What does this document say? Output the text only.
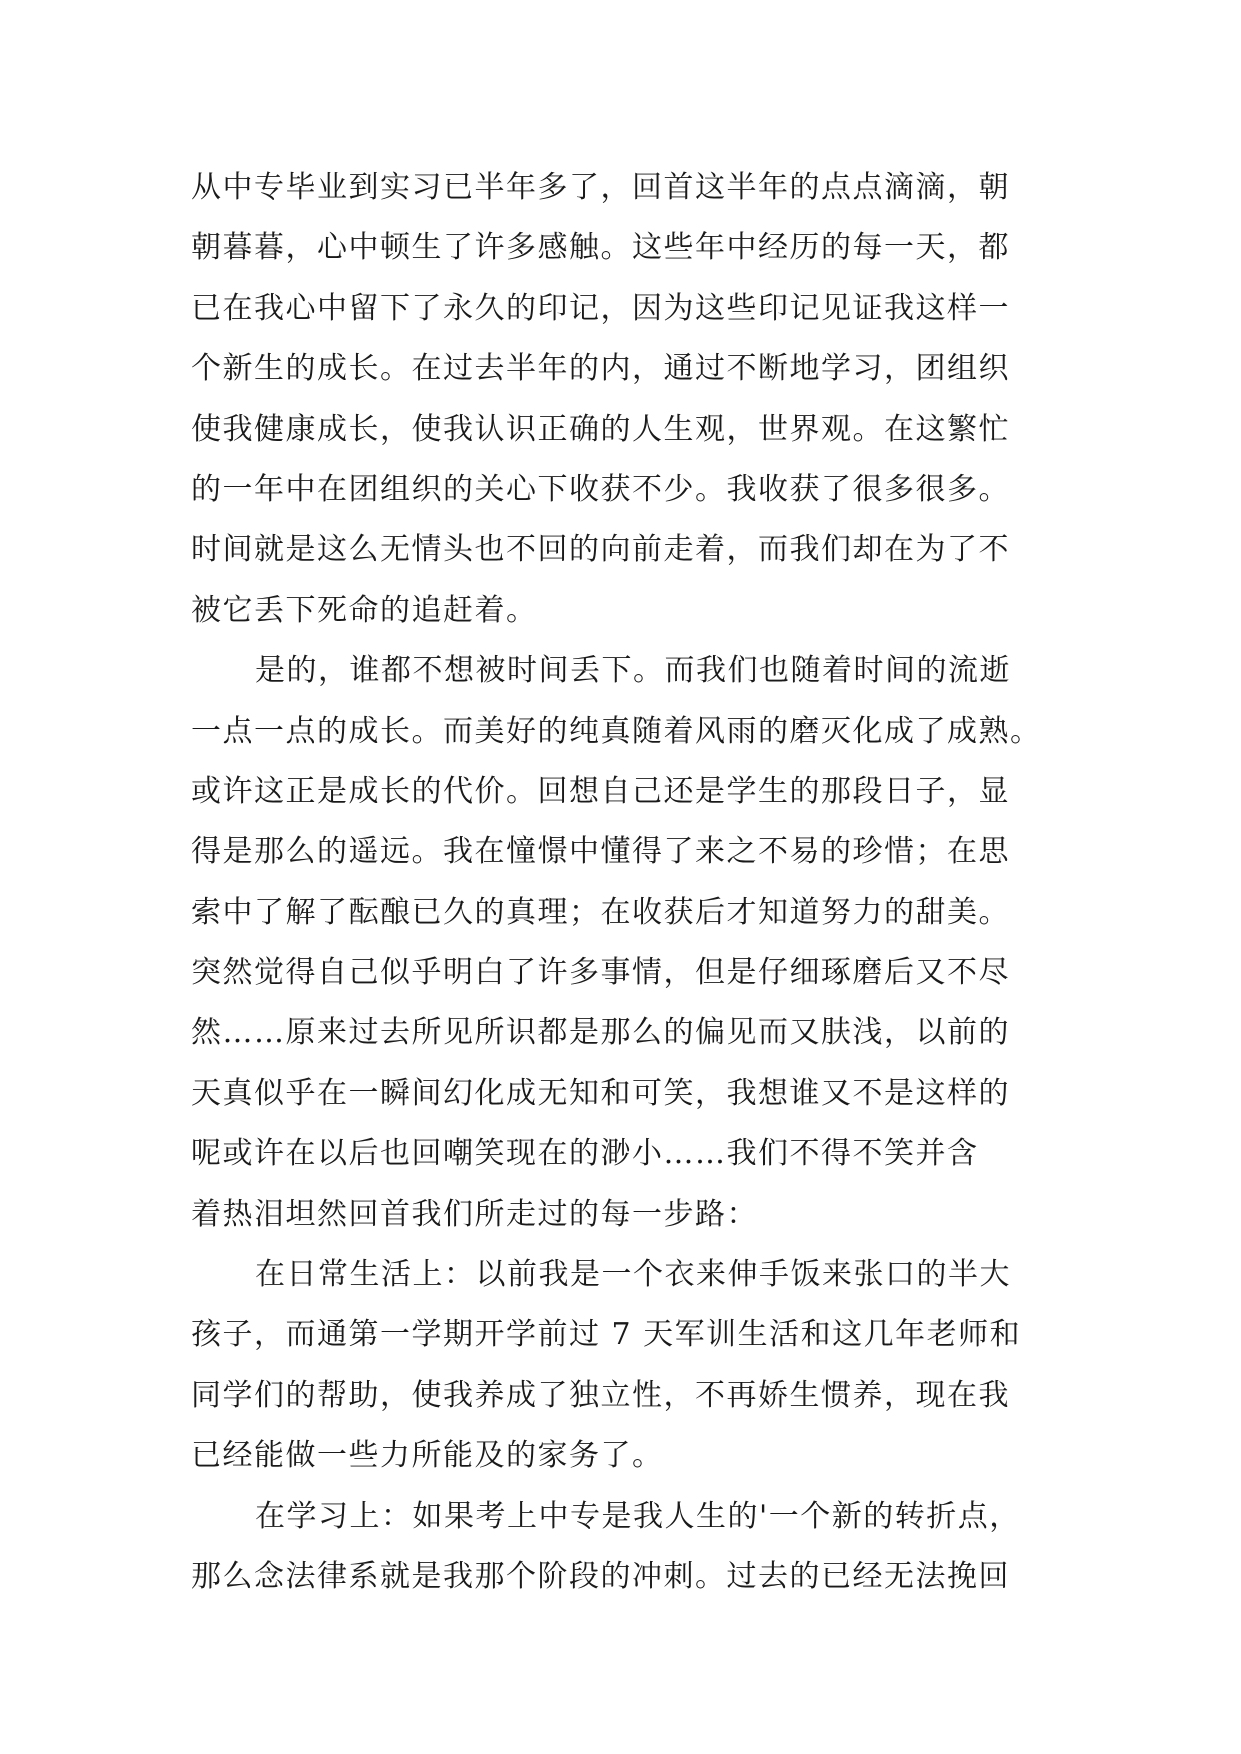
从中专毕业到实习已半年多了，回首这半年的点点滴滴，朝
朝暮暮，心中顿生了许多感触。这些年中经历的每一天，都
已在我心中留下了永久的印记，因为这些印记见证我这样一
个新生的成长。在过去半年的内，通过不断地学习，团组织
使我健康成长，使我认识正确的人生观，世界观。在这繁忙
的一年中在团组织的关心下收获不少。我收获了很多很多。
时间就是这么无情头也不回的向前走着，而我们却在为了不
被它丢下死命的追赶着。
是的，谁都不想被时间丢下。而我们也随着时间的流逝
一点一点的成长。而美好的纯真随着风雨的磨灭化成了成熟。
或许这正是成长的代价。回想自己还是学生的那段日子，显
得是那么的遥远。我在憧憬中懂得了来之不易的珍惜；在思
索中了解了酝酿已久的真理；在收获后才知道努力的甜美。
突然觉得自己似乎明白了许多事情，但是仔细琢磨后又不尽
然……原来过去所见所识都是那么的偏见而又肤浅，以前的
天真似乎在一瞬间幻化成无知和可笑，我想谁又不是这样的
呢或许在以后也回嘲笑现在的渺小……我们不得不笑并含
着热泪坦然回首我们所走过的每一步路：
在日常生活上：以前我是一个衣来伸手饭来张口的半大
孩子，而通第一学期开学前过 7 天军训生活和这几年老师和
同学们的帮助，使我养成了独立性，不再娇生惯养，现在我
已经能做一些力所能及的家务了。
在学习上：如果考上中专是我人生的'一个新的转折点，
那么念法律系就是我那个阶段的冲刺。过去的已经无法挽回
